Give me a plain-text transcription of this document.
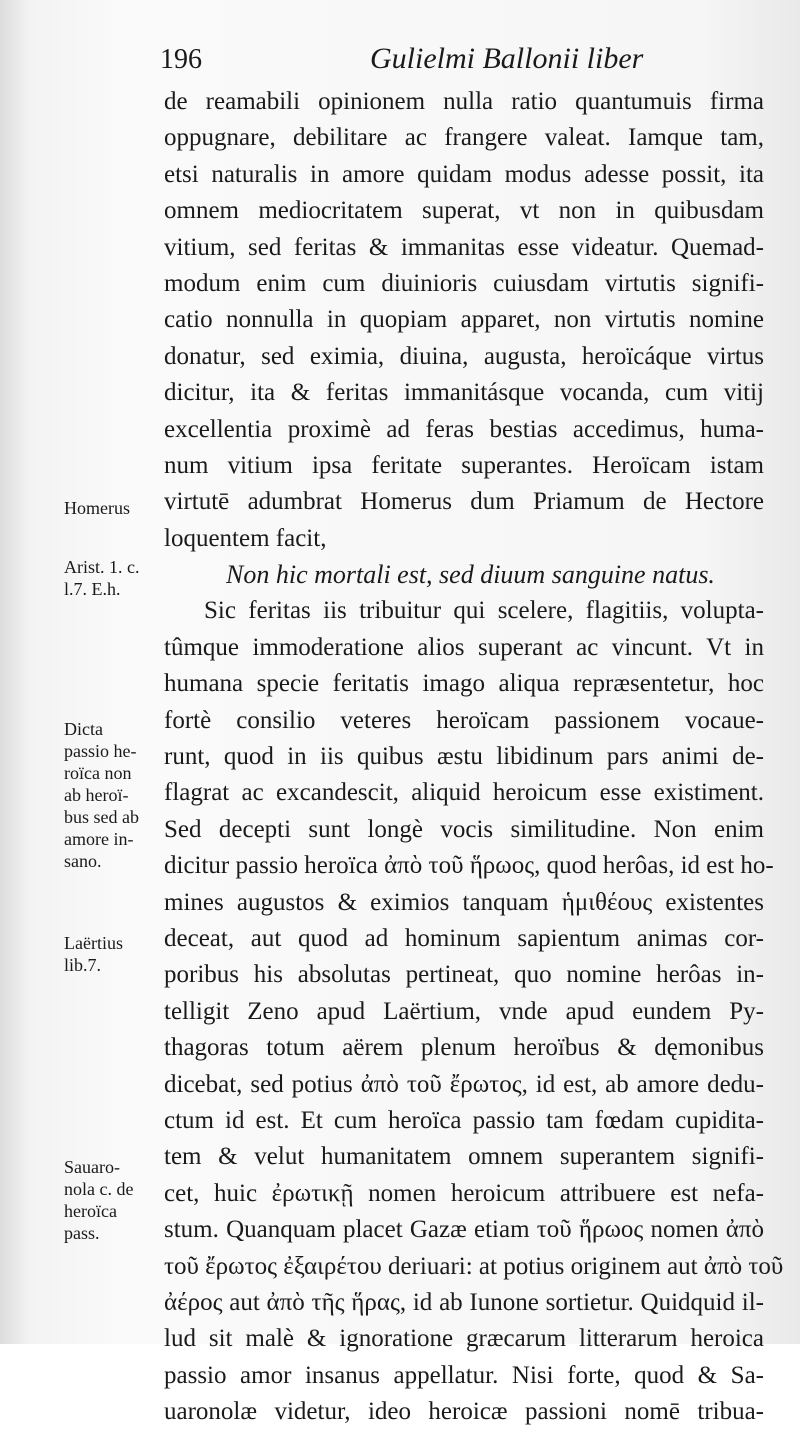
196	Gulielmi Ballonii liber
de reamabili opinionem nulla ratio quantumuis firma
oppugnare, debilitare ac frangere valeat. Iamque tam,
etsi naturalis in amore quidam modus adesse possit, ita
omnem mediocritatem superat, vt non in quibusdam
vitium, sed feritas & immanitas esse videatur. Quemad-
modum enim cum diuinioris cuiusdam virtutis signifi-
catio nonnulla in quopiam apparet, non virtutis nomine
donatur, sed eximia, diuina, augusta, heroïcáque virtus
dicitur, ita & feritas immanitásque vocanda, cum vitij
excellentia proximè ad feras bestias accedimus, huma-
num vitium ipsa feritate superantes. Heroïcam istam
virtutē adumbrat Homerus dum Priamum de Hectore
loquentem facit,
Non hic mortali est, sed diuum sanguine natus.
Sic feritas iis tribuitur qui scelere, flagitiis, volupta-
tûmque immoderatione alios superant ac vincunt. Vt in
humana specie feritatis imago aliqua repræsentetur, hoc
fortè consilio veteres heroïcam passionem vocaue-
runt, quod in iis quibus æstu libidinum pars animi de-
flagrat ac excandescit, aliquid heroicum esse existiment.
Sed decepti sunt longè vocis similitudine. Non enim
dicitur passio heroïca ἀπὸ τοῦ ἥρωος, quod herôas, id est ho-
mines augustos & eximios tanquam ἡμιθέους existentes
deceat, aut quod ad hominum sapientum animas cor-
poribus his absolutas pertineat, quo nomine herôas in-
telligit Zeno apud Laërtium, vnde apud eundem Py-
thagoras totum aërem plenum heroïbus & dęmonibus
dicebat, sed potius ἀπὸ τοῦ ἔρωτος, id est, ab amore dedu-
ctum id est. Et cum heroïca passio tam fœdam cupidita-
tem & velut humanitatem omnem superantem signifi-
cet, huic ἐρωτικῇ nomen heroicum attribuere est nefa-
stum. Quanquam placet Gazæ etiam τοῦ ἥρωος nomen ἀπὸ
τοῦ ἔρωτος ἐξαιρέτου deriuari: at potius originem aut ἀπὸ τοῦ
ἀέρος aut ἀπὸ τῆς ἥρας, id ab Iunone sortietur. Quidquid il-
lud sit malè & ignoratione græcarum litterarum heroica
passio amor insanus appellatur. Nisi forte, quod & Sa-
uaronolæ videtur, ideo heroicæ passioni nomē tribua-
Homerus
Arist. 1. c.
l.7. E.h.
Dicta
passio he-
roïca non
ab heroï-
bus sed ab
amore in-
sano.
Laërtius
lib.7.
Sauaro-
nola c. de
heroïca
pass.
